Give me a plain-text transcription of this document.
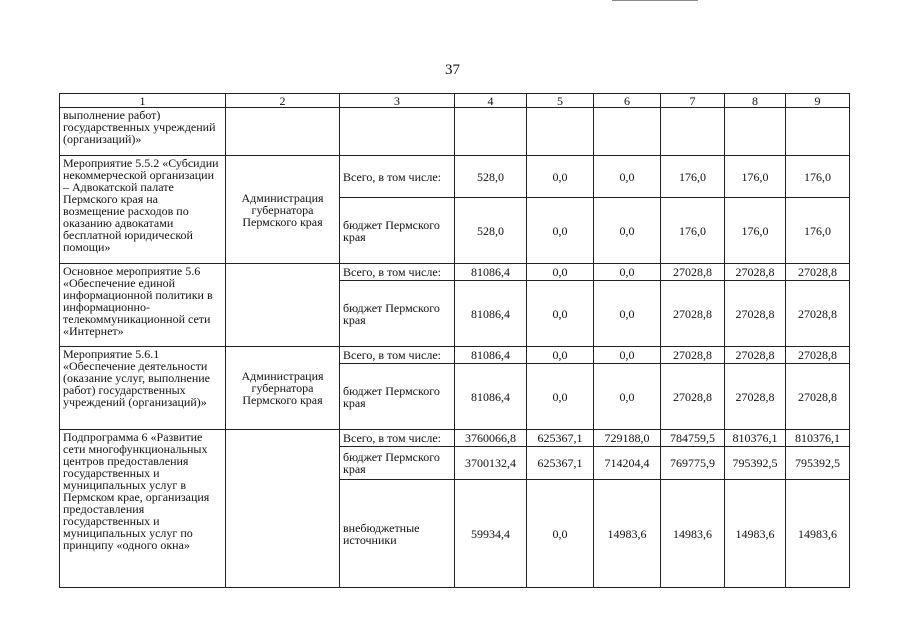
37
1	2	3	4	5	6	7	8	9
выполнение работ) государственных учреждений (организаций)»								
Мероприятие 5.5.2 «Субсидии некоммерческой организации – Адвокатской палате Пермского края на возмещение расходов по оказанию адвокатами бесплатной юридической помощи»	Администрация губернатора Пермского края	Всего, в том числе:	528,0	0,0	0,0	176,0	176,0	176,0
		бюджет Пермского края	528,0	0,0	0,0	176,0	176,0	176,0
Основное мероприятие 5.6 «Обеспечение единой информационной политики в информационно-телекоммуникационной сети «Интернет»		Всего, в том числе:	81086,4	0,0	0,0	27028,8	27028,8	27028,8
		бюджет Пермского края	81086,4	0,0	0,0	27028,8	27028,8	27028,8
Мероприятие 5.6.1 «Обеспечение деятельности (оказание услуг, выполнение работ) государственных учреждений (организаций)»	Администрация губернатора Пермского края	Всего, в том числе:	81086,4	0,0	0,0	27028,8	27028,8	27028,8
		бюджет Пермского края	81086,4	0,0	0,0	27028,8	27028,8	27028,8
Подпрограмма 6 «Развитие сети многофункциональных центров предоставления государственных и муниципальных услуг в Пермском крае, организация предоставления государственных и муниципальных услуг по принципу «одного окна»		Всего, в том числе:	3760066,8	625367,1	729188,0	784759,5	810376,1	810376,1
		бюджет Пермского края	3700132,4	625367,1	714204,4	769775,9	795392,5	795392,5
		внебюджетные источники	59934,4	0,0	14983,6	14983,6	14983,6	14983,6
